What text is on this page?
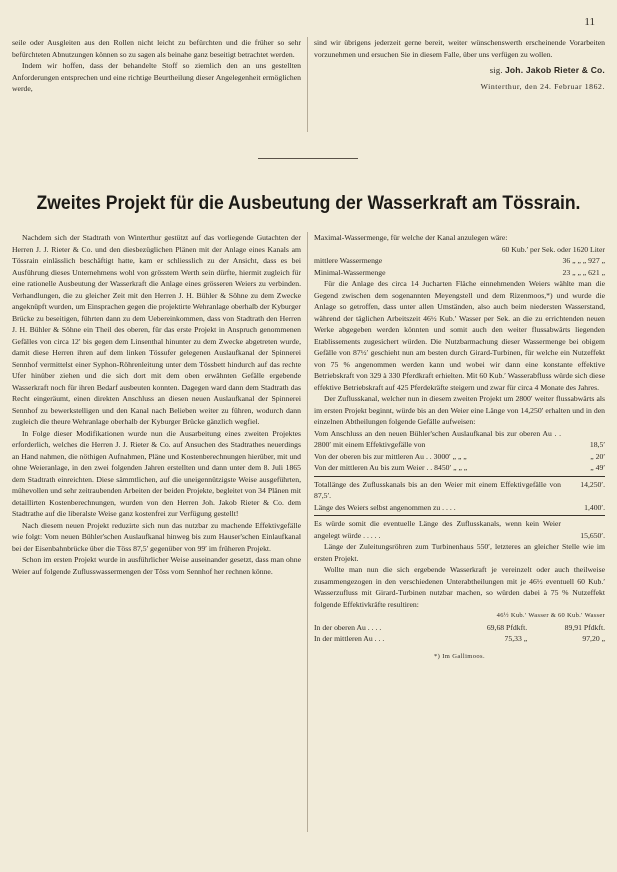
11

seile oder Ausgleiten aus den Rollen nicht leicht zu befürchten und die früher so sehr befürchteten Abnutzungen können so zu sagen als beinahe ganz beseitigt betrachtet werden.

Indem wir hoffen, dass der behandelte Stoff so ziemlich den an uns gestellten Anforderungen entsprechen und eine richtige Beurtheilung dieser Angelegenheit ermöglichen werde,

sind wir übrigens jederzeit gerne bereit, weiter wünschenswerth erscheinende Vorarbeiten vorzunehmen und ersuchen Sie in diesem Falle, über uns verfügen zu wollen.

sig. Joh. Jakob Rieter & Co.
Winterthur, den 24. Februar 1862.
Zweites Projekt für die Ausbeutung der Wasserkraft am Tössrain.

Nachdem sich der Stadtrath von Winterthur gestützt auf das vorliegende Gutachten der Herren J. J. Rieter & Co. und den diesbezüglichen Plänen mit der Anlage eines Kanals am Tössrain einlässlich beschäftigt hatte, kam er schliesslich zu der Ansicht, dass es bei Ausführung dieses Unternehmens wohl von grösstem Werth sein dürfte, hiermit zugleich für eine rationelle Ausbeutung der Wasserkraft die Anlage eines grösseren Weiers zu verbinden. Verhandlungen, die zu gleicher Zeit mit den Herren J. H. Bühler & Söhne zu dem Zwecke angeknüpft wurden, um Einsprachen gegen die projektirte Wehranlage oberhalb der Kyburger Brücke zu beseitigen, führten dann zu dem Uebereinkommen, dass von Stadtrath den Herren J. H. Bühler & Söhne ein Theil des oberen, für das erste Projekt in Anspruch genommenen Gefälles von circa 12′ bis gegen dem Linsenthal hinunter zu dem Zwecke abgetreten wurde, damit diese Herren ihren auf dem linken Tössufer gelegenen Auslaufkanal der Spinnerei Sennhof vermittelst einer Syphon-Röhrenleitung unter dem Tössbett hindurch auf das rechte Ufer hinüber ziehen und die sich dort mit dem oben erwähnten Gefälle ergebende Wasserkraft noch für ihren Bedarf ausbeuten konnten. Dagegen ward dann dem Stadtrath das Recht eingeräumt, einen direkten Anschluss an diesen neuen Auslaufkanal der Spinnerei Sennhof zu bewerkstelligen und den Kanal nach Belieben weiter zu führen, wodurch dann zugleich die theure Wehranlage oberhalb der Kyburger Brücke gänzlich wegfiel.

In Folge dieser Modifikationen wurde nun die Ausarbeitung eines zweiten Projektes erforderlich, welches die Herren J. J. Rieter & Co. auf Ansuchen des Stadtrathes neuerdings an Hand nahmen, die nöthigen Aufnahmen, Pläne und Kostenberechnungen hierüber, mit und ohne Weieranlage, in den zwei folgenden Jahren erstellten und dann unter dem 8. Juli 1865 dem Stadtrath einreichten. Diese sämmtlichen, auf die uneigennützigste Weise ausgeführten, mühevollen und sehr zeitraubenden Arbeiten der beiden Projekte, begleitet von 34 Plänen mit detaillirten Kostenberechnungen, wurden von den Herren Joh. Jakob Rieter & Co. dem Stadtrathe auf die liberalste Weise ganz kostenfrei zur Verfügung gestellt!

Nach diesem neuen Projekt reduzirte sich nun das nutzbar zu machende Effektivgefälle wie folgt: Vom neuen Bühler'schen Auslaufkanal hinweg bis zum Hauser'schen Einlaufkanal bei der Eisenbahnbrücke über die Töss 87,5′ gegenüber von 99′ im früheren Projekt.

Schon im ersten Projekt wurde in ausführlicher Weise auseinander gesetzt, dass man ohne Weier auf folgende Zuflusswassermengen der Töss vom Sennhof her rechnen könne.

Maximal-Wassermenge, für welche der Kanal anzulegen wäre:

	60 Kub.′ per Sek. oder 1620 Liter
mittlere Wassermenge	36 „ „ „ 927 „
Minimal-Wassermenge	23 „ „ „ 621 „

Für die Anlage des circa 14 Jucharten Fläche einnehmenden Weiers wählte man die Gegend zwischen dem sogenannten Meyengstell und dem Rizenmoos,*) und wurde die Anlage so getroffen, dass unter allen Umständen, also auch beim niedersten Wasserstand, während der täglichen Arbeitszeit 46½ Kub.′ Wasser per Sek. an die zu errichtenden neuen Werke abgegeben werden könnten und somit auch den weiter flussabwärts liegenden Etablissements zugesichert würden. Die Nutzbarmachung dieser Wassermenge bei obigem Gefälle von 87½′ geschieht nun am besten durch Girard-Turbinen, für welche ein Nutzeffekt von 75 % angenommen werden kann und wobei wir dann eine konstante effektive Betriebskraft von 329 à 330 Pferdkraft erhielten. Mit 60 Kub.′ Wasserabfluss würde sich diese effektive Betriebskraft auf 425 Pferdekräfte steigern und zwar für circa 4 Monate des Jahres.

Der Zuflusskanal, welcher nun in diesem zweiten Projekt um 2800′ weiter flussabwärts als im ersten Projekt beginnt, würde bis an den Weier eine Länge von 14,250′ erhalten und in den einzelnen Abtheilungen folgende Gefälle aufweisen:

Vom Anschluss an den neuen Bühler'schen Auslaufkanal bis zur oberen Au . . 2800′ mit einem Effektivgefälle von	18,5′
Von der oberen bis zur mittleren Au . . 3000′ „ „ „	„ 20′
Von der mittleren Au bis zum Weier . . 8450′ „ „ „	„ 49′
Totallänge des Zuflusskanals bis an den Weier mit einem Effektivgefälle von 87,5′.	14,250′.
Länge des Weiers selbst angenommen zu . . . .	1,400′.
Es würde somit die eventuelle Länge des Zuflusskanals, wenn kein Weier angelegt würde . . . . .	15,650′.

Länge der Zuleitungsröhren zum Turbinenhaus 550′, letzteres an gleicher Stelle wie im ersten Projekt.

Wollte man nun die sich ergebende Wasserkraft je vereinzelt oder auch theilweise zusammengezogen in den verschiedenen Unterabtheilungen mit je 46½ eventuell 60 Kub.′ Wasserzufluss mit Girard-Turbinen nutzbar machen, so würden dabei à 75 % Nutzeffekt folgende Effektivkräfte resultiren:

46½ Kub.′ Wasser & 60 Kub.′ Wasser
In der oberen Au . . . .	69,68 Pfdkft.	89,91 Pfdkft.
In der mittleren Au . . .	75,33 „	97,20 „
*) Im Gallimoos.
